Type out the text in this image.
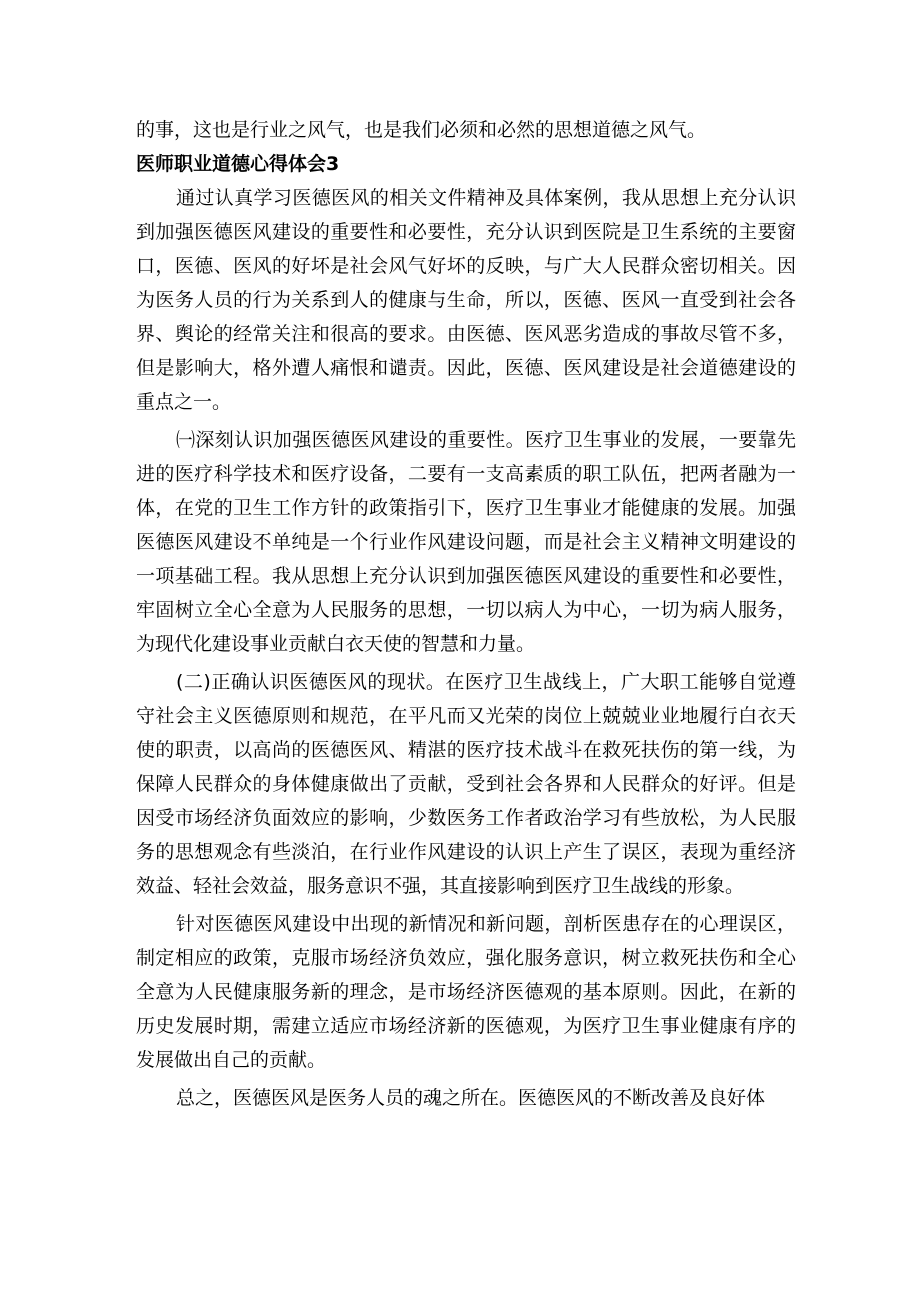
的事，这也是行业之风气，也是我们必须和必然的思想道德之风气。

医师职业道德心得体会3

通过认真学习医德医风的相关文件精神及具体案例，我从思想上充分认识到加强医德医风建设的重要性和必要性，充分认识到医院是卫生系统的主要窗口，医德、医风的好坏是社会风气好坏的反映，与广大人民群众密切相关。因为医务人员的行为关系到人的健康与生命，所以，医德、医风一直受到社会各界、舆论的经常关注和很高的要求。由医德、医风恶劣造成的事故尽管不多，但是影响大，格外遭人痛恨和谴责。因此，医德、医风建设是社会道德建设的重点之一。

㈠深刻认识加强医德医风建设的重要性。医疗卫生事业的发展，一要靠先进的医疗科学技术和医疗设备，二要有一支高素质的职工队伍，把两者融为一体，在党的卫生工作方针的政策指引下，医疗卫生事业才能健康的发展。加强医德医风建设不单纯是一个行业作风建设问题，而是社会主义精神文明建设的一项基础工程。我从思想上充分认识到加强医德医风建设的重要性和必要性，牢固树立全心全意为人民服务的思想，一切以病人为中心，一切为病人服务，为现代化建设事业贡献白衣天使的智慧和力量。

(二)正确认识医德医风的现状。在医疗卫生战线上，广大职工能够自觉遵守社会主义医德原则和规范，在平凡而又光荣的岗位上兢兢业业地履行白衣天使的职责，以高尚的医德医风、精湛的医疗技术战斗在救死扶伤的第一线，为保障人民群众的身体健康做出了贡献，受到社会各界和人民群众的好评。但是因受市场经济负面效应的影响，少数医务工作者政治学习有些放松，为人民服务的思想观念有些淡泊，在行业作风建设的认识上产生了误区，表现为重经济效益、轻社会效益，服务意识不强，其直接影响到医疗卫生战线的形象。

针对医德医风建设中出现的新情况和新问题，剖析医患存在的心理误区，制定相应的政策，克服市场经济负效应，强化服务意识，树立救死扶伤和全心全意为人民健康服务新的理念，是市场经济医德观的基本原则。因此，在新的历史发展时期，需建立适应市场经济新的医德观，为医疗卫生事业健康有序的发展做出自己的贡献。

总之，医德医风是医务人员的魂之所在。医德医风的不断改善及良好体
